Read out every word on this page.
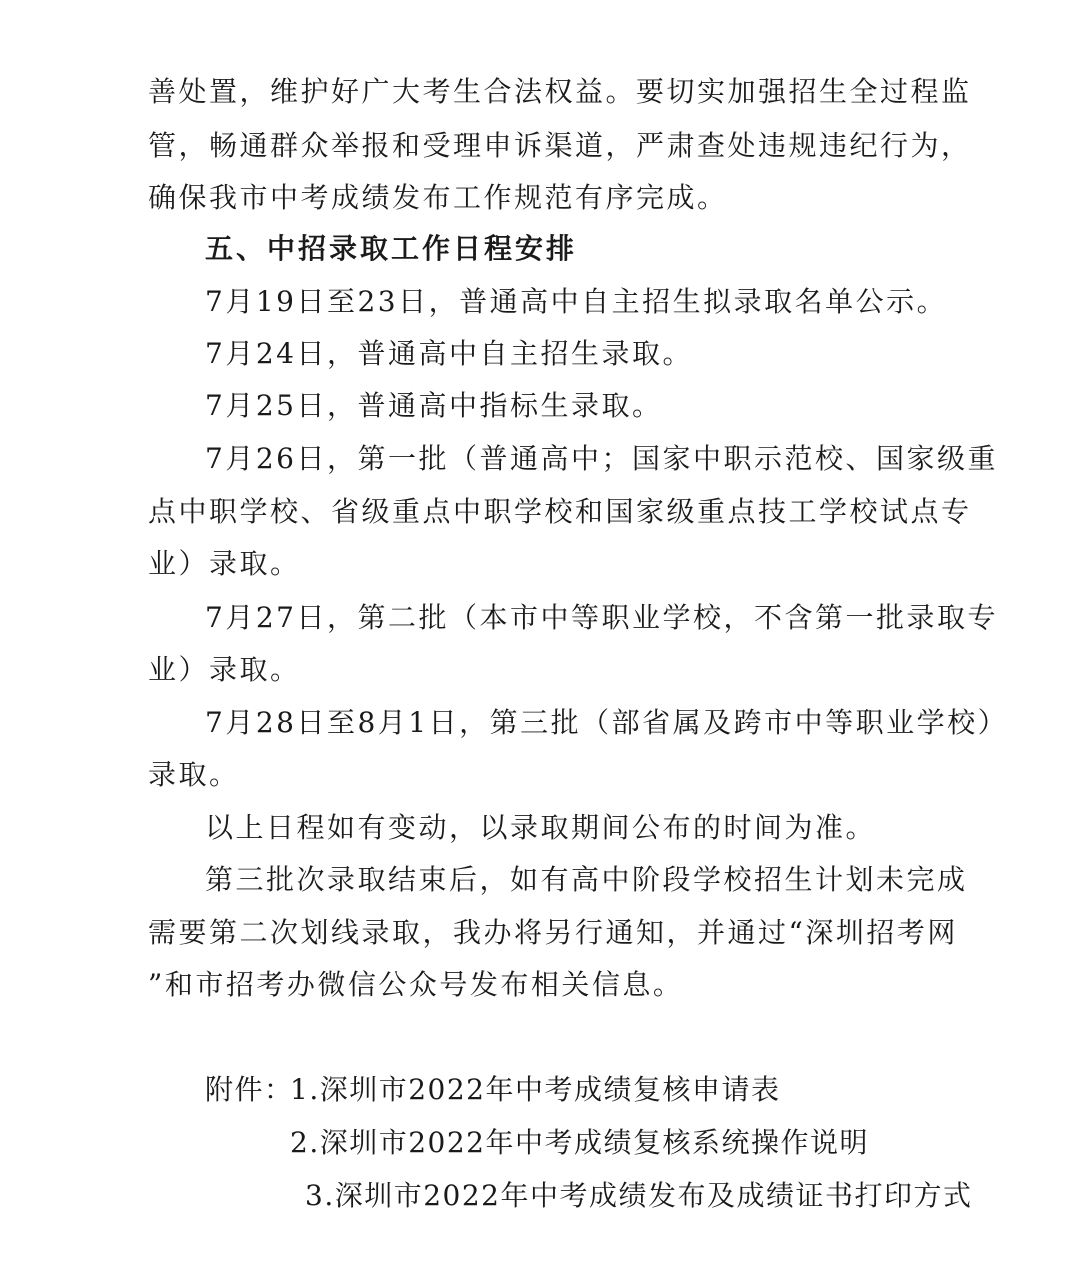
善处置，维护好广大考生合法权益。要切实加强招生全过程监
管，畅通群众举报和受理申诉渠道，严肃查处违规违纪行为，
确保我市中考成绩发布工作规范有序完成。
五、中招录取工作日程安排
7月19日至23日，普通高中自主招生拟录取名单公示。
7月24日，普通高中自主招生录取。
7月25日，普通高中指标生录取。
7月26日，第一批（普通高中；国家中职示范校、国家级重
点中职学校、省级重点中职学校和国家级重点技工学校试点专
业）录取。
7月27日，第二批（本市中等职业学校，不含第一批录取专
业）录取。
7月28日至8月1日，第三批（部省属及跨市中等职业学校）
录取。
以上日程如有变动，以录取期间公布的时间为准。
第三批次录取结束后，如有高中阶段学校招生计划未完成
需要第二次划线录取，我办将另行通知，并通过“深圳招考网
”和市招考办微信公众号发布相关信息。
附件：
1.深圳市2022年中考成绩复核申请表
2.深圳市2022年中考成绩复核系统操作说明
3.深圳市2022年中考成绩发布及成绩证书打印方式
